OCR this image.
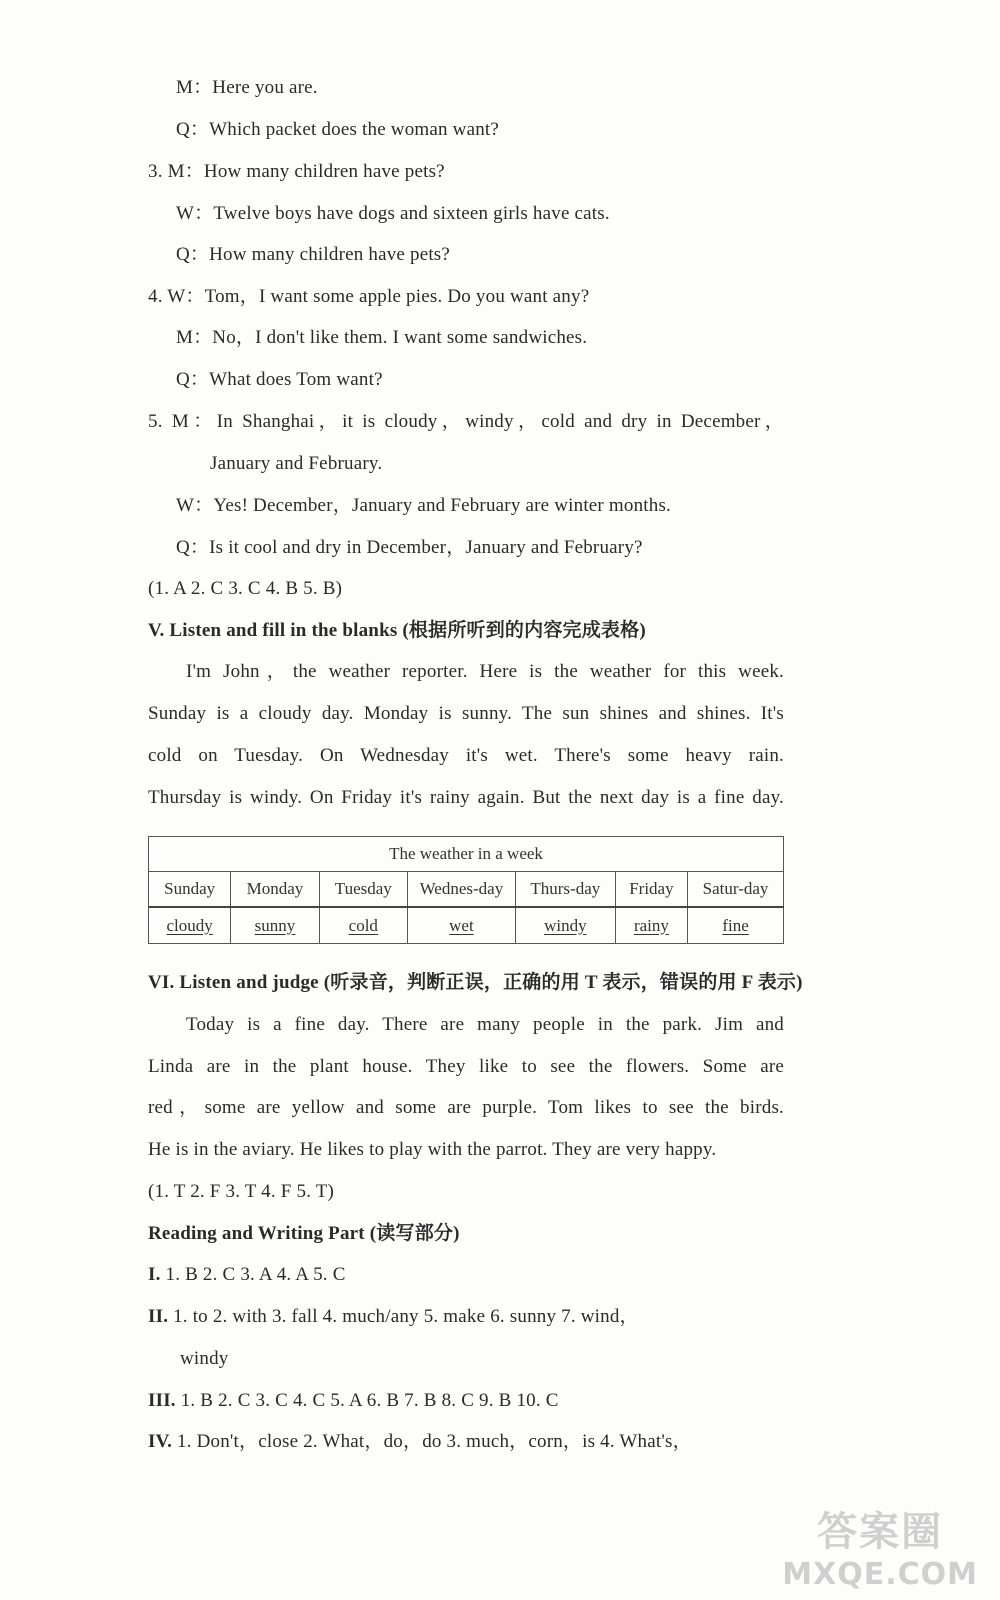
M：Here you are.
Q：Which packet does the woman want?
3. M：How many children have pets?
W：Twelve boys have dogs and sixteen girls have cats.
Q：How many children have pets?
4. W：Tom，I want some apple pies. Do you want any?
M：No，I don't like them. I want some sandwiches.
Q：What does Tom want?
5. M：In Shanghai，it is cloudy，windy，cold and dry in December，
January and February.
W：Yes! December，January and February are winter months.
Q：Is it cool and dry in December，January and February?
(1. A 2. C 3. C 4. B 5. B)
V. Listen and fill in the blanks (根据所听到的内容完成表格)
I'm John，the weather reporter. Here is the weather for this week.
Sunday is a cloudy day. Monday is sunny. The sun shines and shines. It's
cold on Tuesday. On Wednesday it's wet. There's some heavy rain.
Thursday is windy. On Friday it's rainy again. But the next day is a fine day.
The weather in a week						
Sunday	Monday	Tuesday	Wednes-day	Thurs-day	Friday	Satur-day
cloudy	sunny	cold	wet	windy	rainy	fine
VI. Listen and judge (听录音，判断正误，正确的用 T 表示，错误的用 F 表示)
Today is a fine day. There are many people in the park. Jim and
Linda are in the plant house. They like to see the flowers. Some are
red，some are yellow and some are purple. Tom likes to see the birds.
He is in the aviary. He likes to play with the parrot. They are very happy.
(1. T 2. F 3. T 4. F 5. T)
Reading and Writing Part (读写部分)
I. 1. B 2. C 3. A 4. A 5. C
II. 1. to 2. with 3. fall 4. much/any 5. make 6. sunny 7. wind，
windy
III. 1. B 2. C 3. C 4. C 5. A 6. B 7. B 8. C 9. B 10. C
IV. 1. Don't，close 2. What，do，do 3. much，corn，is 4. What's，
答案圈
MXQE.COM
